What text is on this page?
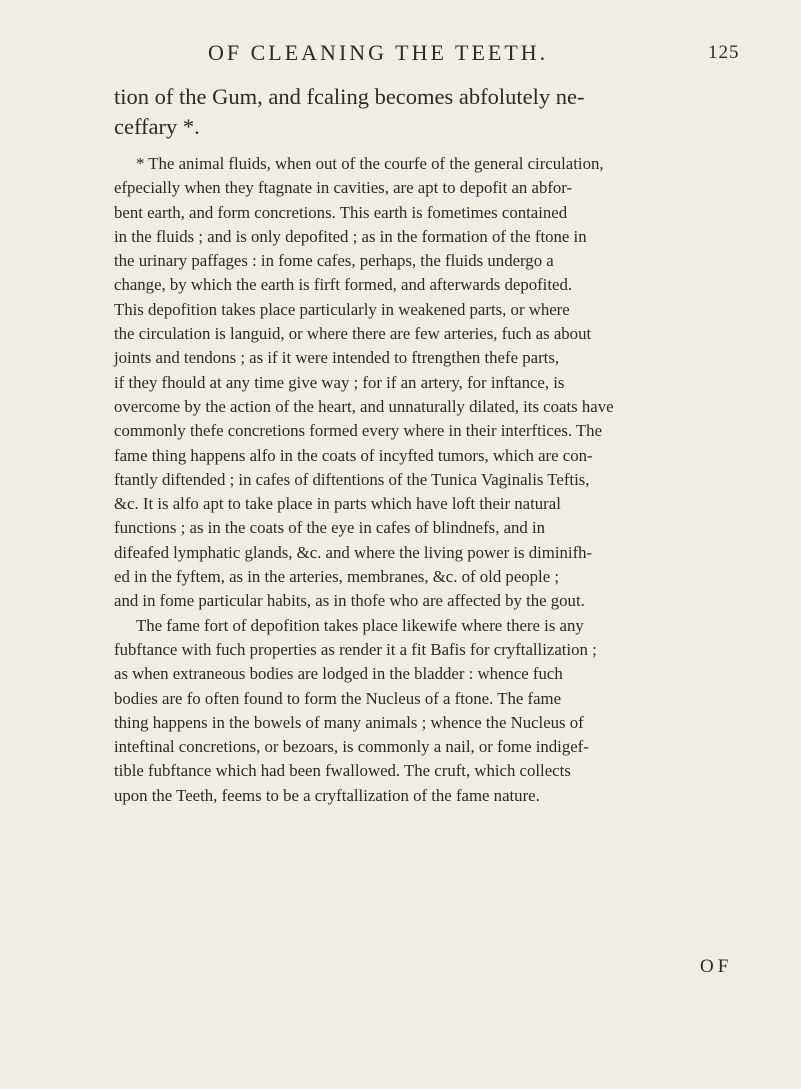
OF CLEANING THE TEETH.	125
tion of the Gum, and fcaling becomes abfolutely ne-
ceffary *.
* The animal fluids, when out of the courfe of the general circulation,
efpecially when they ftagnate in cavities, are apt to depofit an abfor-
bent earth, and form concretions. This earth is fometimes contained
in the fluids ; and is only depofited ; as in the formation of the ftone in
the urinary paffages : in fome cafes, perhaps, the fluids undergo a
change, by which the earth is firft formed, and afterwards depofited.
This depofition takes place particularly in weakened parts, or where
the circulation is languid, or where there are few arteries, fuch as about
joints and tendons ; as if it were intended to ftrengthen thefe parts,
if they fhould at any time give way ; for if an artery, for inftance, is
overcome by the action of the heart, and unnaturally dilated, its coats have
commonly thefe concretions formed every where in their interftices. The
fame thing happens alfo in the coats of incyfted tumors, which are con-
ftantly diftended ; in cafes of diftentions of the Tunica Vaginalis Teftis,
&c. It is alfo apt to take place in parts which have loft their natural
functions ; as in the coats of the eye in cafes of blindnefs, and in
difeafed lymphatic glands, &c. and where the living power is diminifh-
ed in the fyftem, as in the arteries, membranes, &c. of old people ;
and in fome particular habits, as in thofe who are affected by the gout.
The fame fort of depofition takes place likewife where there is any
fubftance with fuch properties as render it a fit Bafis for cryftallization ;
as when extraneous bodies are lodged in the bladder : whence fuch
bodies are fo often found to form the Nucleus of a ftone. The fame
thing happens in the bowels of many animals ; whence the Nucleus of
inteftinal concretions, or bezoars, is commonly a nail, or fome indigef-
tible fubftance which had been fwallowed. The cruft, which collects
upon the Teeth, feems to be a cryftallization of the fame nature.
OF
